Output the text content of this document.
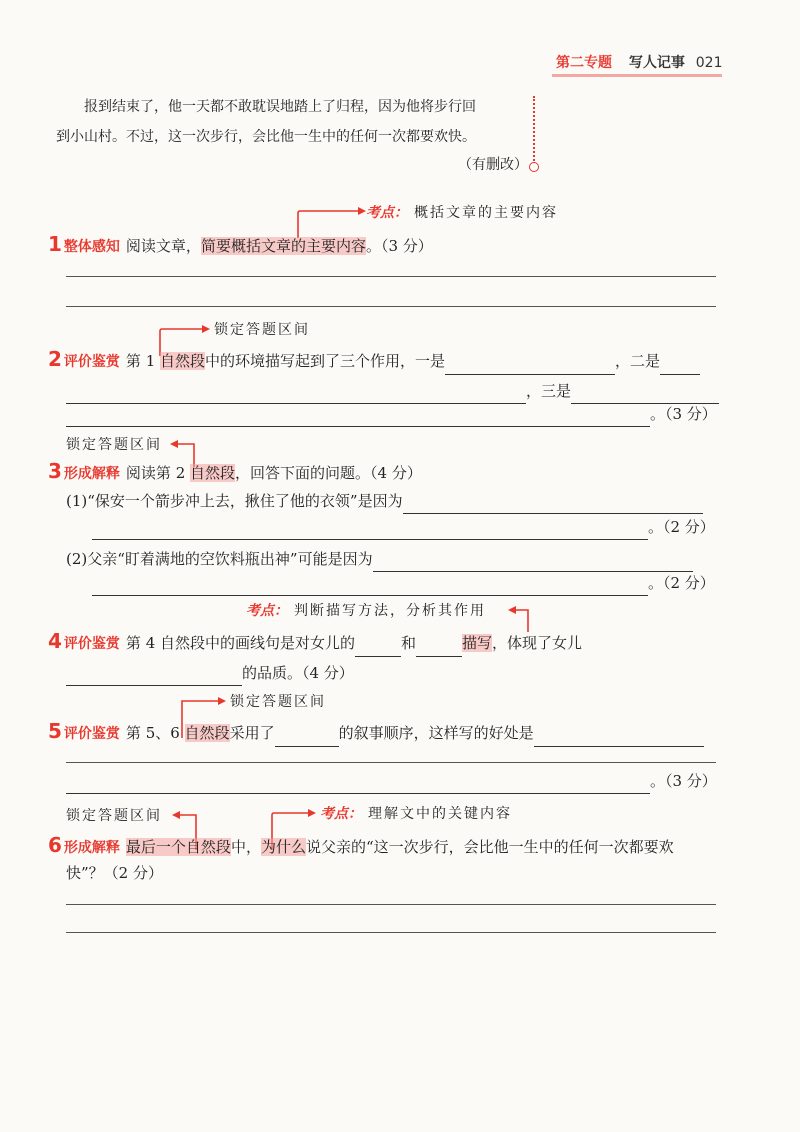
第二专题 写人记事 021
报到结束了，他一天都不敢耽误地踏上了归程，因为他将步行回
到小山村。不过，这一次步行，会比他一生中的任何一次都要欢快。
（有删改）
考点： 概括文章的主要内容
1 整体感知 阅读文章，简要概括文章的主要内容。（3 分）
锁定答题区间
2 评价鉴赏 第 1 自然段中的环境描写起到了三个作用，一是	，二是
，三是
。（3 分）
锁定答题区间
3 形成解释 阅读第 2 自然段，回答下面的问题。（4 分）
(1)“保安一个箭步冲上去，揪住了他的衣领”是因为
。（2 分）
(2)父亲“盯着满地的空饮料瓶出神”可能是因为
。（2 分）
考点： 判断描写方法，分析其作用
4 评价鉴赏 第 4 自然段中的画线句是对女儿的	和	描写，体现了女儿
的品质。（4 分）
锁定答题区间
5 评价鉴赏 第 5、6 自然段采用了	的叙事顺序，这样写的好处是
。（3 分）
锁定答题区间	考点： 理解文中的关键内容
6 形成解释 最后一个自然段中，为什么说父亲的“这一次步行，会比他一生中的任何一次都要欢
快”？（2 分）
